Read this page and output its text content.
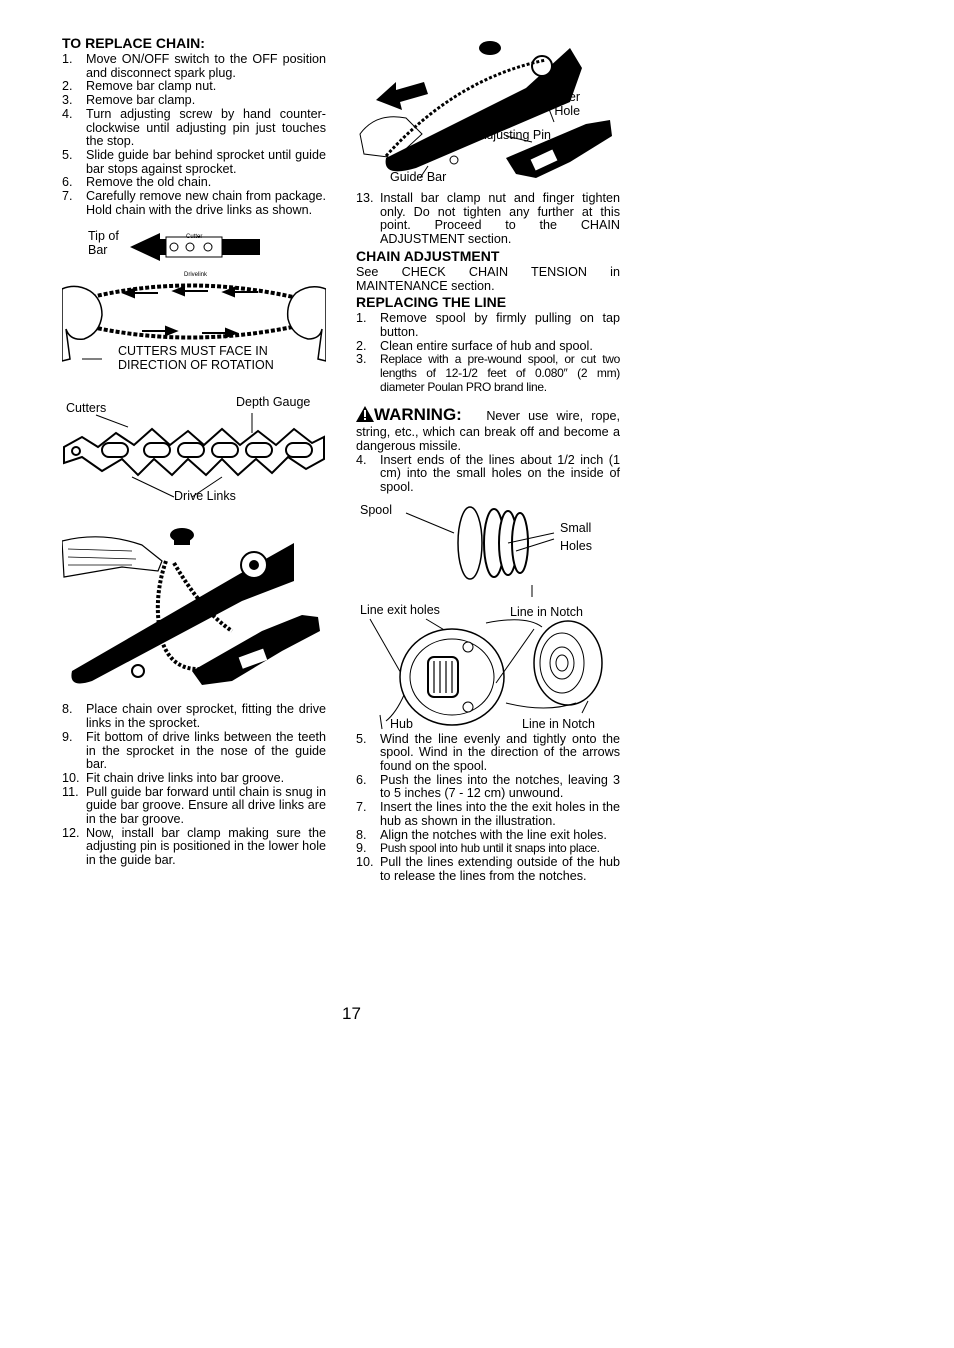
TO REPLACE CHAIN:
1.	Move ON/OFF switch to the OFF position and disconnect spark plug.
2.	Remove bar clamp nut.
3.	Remove bar clamp.
4.	Turn adjusting screw by hand counter-clockwise until adjusting pin just touches the stop.
5.	Slide guide bar behind sprocket until guide bar stops against sprocket.
6.	Remove the old chain.
7.	Carefully remove new chain from package. Hold chain with the drive links as shown.
Tip of
Bar
Cutter
Drivelink
CUTTERS MUST FACE IN
DIRECTION OF ROTATION
Cutters	Depth Gauge
Drive Links
8.	Place chain over sprocket, fitting the drive links in the sprocket.
9.	Fit bottom of drive links between the teeth in the sprocket in the nose of the guide bar.
10. Fit chain drive links into bar groove.
11. Pull guide bar forward until chain is snug in guide bar groove. Ensure all drive links are in the bar groove.
12. Now, install bar clamp making sure the adjusting pin is positioned in the lower hole in the guide bar.
Lower
Hole
Adjusting Pin
Guide Bar
13. Install bar clamp nut and finger tighten only. Do not tighten any further at this point. Proceed to the CHAIN ADJUSTMENT section.
CHAIN ADJUSTMENT

See CHECK CHAIN TENSION in MAINTENANCE section.

REPLACING THE LINE
1.	Remove spool by firmly pulling on tap button.
2.	Clean entire surface of hub and spool.
3.	Replace with a pre-wound spool, or cut two lengths of 12-1/2 feet of 0.080″ (2 mm) diameter Poulan PRO brand line.

WARNING: Never use wire, rope, string, etc., which can break off and become a dangerous missile.

4.	Insert ends of the lines about 1/2 inch (1 cm) into the small holes on the inside of spool.
Spool
Small
Holes
Line exit holes	Line in Notch
Hub	Line in Notch
5.	Wind the line evenly and tightly onto the spool. Wind in the direction of the arrows found on the spool.
6.	Push the lines into the notches, leaving 3 to 5 inches (7 - 12 cm) unwound.
7.	Insert the lines into the the exit holes in the hub as shown in the illustration.
8.	Align the notches with the line exit holes.
9.	Push spool into hub until it snaps into place.
10. Pull the lines extending outside of the hub to release the lines from the notches.
17
